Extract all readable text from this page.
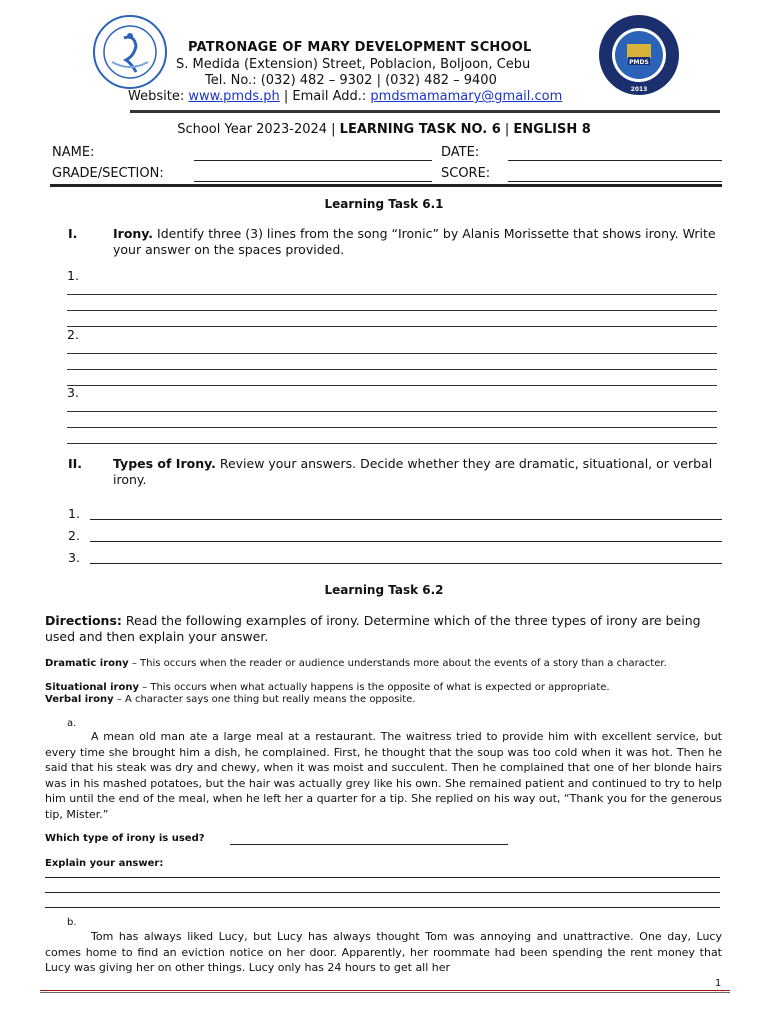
PATRONAGE OF MARY DEVELOPMENT SCHOOL
S. Medida (Extension) Street, Poblacion, Boljoon, Cebu
Tel. No.: (032) 482 – 9302 | (032) 482 – 9400
Website: www.pmds.ph | Email Add.: pmdsmamamary@gmail.com
PMDS
2013
School Year 2023-2024 | LEARNING TASK NO. 6 | ENGLISH 8
NAME:	DATE:
GRADE/SECTION:	SCORE:
Learning Task 6.1
I.	Irony. Identify three (3) lines from the song “Ironic” by Alanis Morissette that shows irony. Write your answer on the spaces provided.
1.
2.
3.
II. Types of Irony. Review your answers. Decide whether they are dramatic, situational, or verbal irony.
1.
2.
3.
Learning Task 6.2
Directions: Read the following examples of irony. Determine which of the three types of irony are being used and then explain your answer.
Dramatic irony – This occurs when the reader or audience understands more about the events of a story than a character.
Situational irony – This occurs when what actually happens is the opposite of what is expected or appropriate.
Verbal irony – A character says one thing but really means the opposite.
a.
A mean old man ate a large meal at a restaurant. The waitress tried to provide him with excellent service, but every time she brought him a dish, he complained. First, he thought that the soup was too cold when it was hot. Then he said that his steak was dry and chewy, when it was moist and succulent. Then he complained that one of her blonde hairs was in his mashed potatoes, but the hair was actually grey like his own. She remained patient and continued to try to help him until the end of the meal, when he left her a quarter for a tip. She replied on his way out, “Thank you for the generous tip, Mister.”
Which type of irony is used?
Explain your answer:
b.
Tom has always liked Lucy, but Lucy has always thought Tom was annoying and unattractive. One day, Lucy comes home to find an eviction notice on her door. Apparently, her roommate had been spending the rent money that Lucy was giving her on other things. Lucy only has 24 hours to get all her
1
